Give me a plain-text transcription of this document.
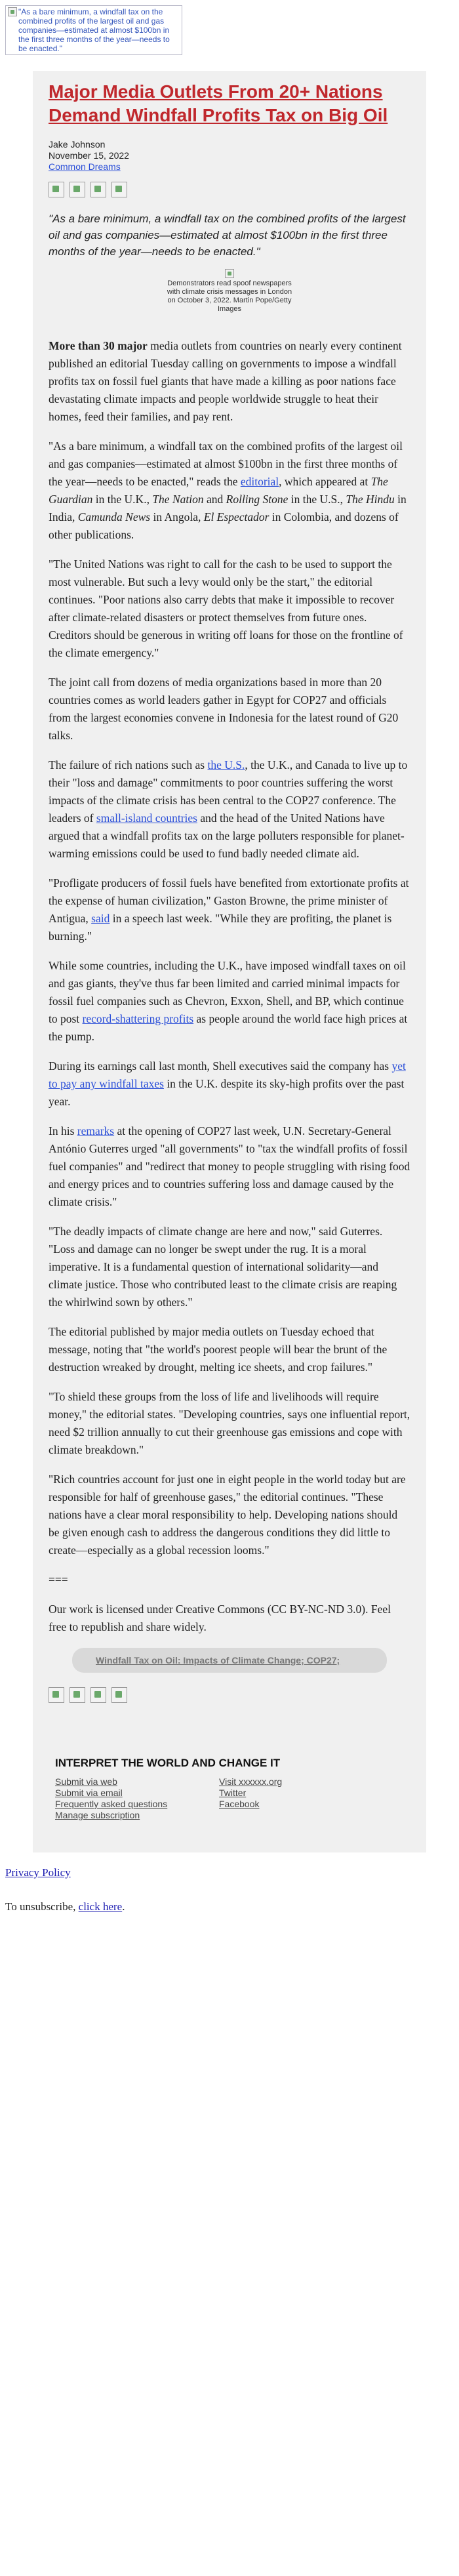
"As a bare minimum, a windfall tax on the combined profits of the largest oil and gas companies—estimated at almost $100bn in the first three months of the year—needs to be enacted."
Major Media Outlets From 20+ Nations Demand Windfall Profits Tax on Big Oil
Jake Johnson
November 15, 2022
Common Dreams
"As a bare minimum, a windfall tax on the combined profits of the largest oil and gas companies—estimated at almost $100bn in the first three months of the year—needs to be enacted."
Demonstrators read spoof newspapers with climate crisis messages in London on October 3, 2022. Martin Pope/Getty Images

More than 30 major media outlets from countries on nearly every continent published an editorial Tuesday calling on governments to impose a windfall profits tax on fossil fuel giants that have made a killing as poor nations face devastating climate impacts and people worldwide struggle to heat their homes, feed their families, and pay rent.

"As a bare minimum, a windfall tax on the combined profits of the largest oil and gas companies—estimated at almost $100bn in the first three months of the year—needs to be enacted," reads the editorial, which appeared at The Guardian in the U.K., The Nation and Rolling Stone in the U.S., The Hindu in India, Camunda News in Angola, El Espectador in Colombia, and dozens of other publications.

"The United Nations was right to call for the cash to be used to support the most vulnerable. But such a levy would only be the start," the editorial continues. "Poor nations also carry debts that make it impossible to recover after climate-related disasters or protect themselves from future ones. Creditors should be generous in writing off loans for those on the frontline of the climate emergency."

The joint call from dozens of media organizations based in more than 20 countries comes as world leaders gather in Egypt for COP27 and officials from the largest economies convene in Indonesia for the latest round of G20 talks.

The failure of rich nations such as the U.S., the U.K., and Canada to live up to their "loss and damage" commitments to poor countries suffering the worst impacts of the climate crisis has been central to the COP27 conference. The leaders of small-island countries and the head of the United Nations have argued that a windfall profits tax on the large polluters responsible for planet-warming emissions could be used to fund badly needed climate aid.

"Profligate producers of fossil fuels have benefited from extortionate profits at the expense of human civilization," Gaston Browne, the prime minister of Antigua, said in a speech last week. "While they are profiting, the planet is burning."

While some countries, including the U.K., have imposed windfall taxes on oil and gas giants, they've thus far been limited and carried minimal impacts for fossil fuel companies such as Chevron, Exxon, Shell, and BP, which continue to post record-shattering profits as people around the world face high prices at the pump.

During its earnings call last month, Shell executives said the company has yet to pay any windfall taxes in the U.K. despite its sky-high profits over the past year.

In his remarks at the opening of COP27 last week, U.N. Secretary-General António Guterres urged "all governments" to "tax the windfall profits of fossil fuel companies" and "redirect that money to people struggling with rising food and energy prices and to countries suffering loss and damage caused by the climate crisis."

"The deadly impacts of climate change are here and now," said Guterres. "Loss and damage can no longer be swept under the rug. It is a moral imperative. It is a fundamental question of international solidarity—and climate justice. Those who contributed least to the climate crisis are reaping the whirlwind sown by others."

The editorial published by major media outlets on Tuesday echoed that message, noting that "the world's poorest people will bear the brunt of the destruction wreaked by drought, melting ice sheets, and crop failures."

"To shield these groups from the loss of life and livelihoods will require money," the editorial states. "Developing countries, says one influential report, need $2 trillion annually to cut their greenhouse gas emissions and cope with climate breakdown."

"Rich countries account for just one in eight people in the world today but are responsible for half of greenhouse gases," the editorial continues. "These nations have a clear moral responsibility to help. Developing nations should be given enough cash to address the dangerous conditions they did little to create—especially as a global recession looms."

===

Our work is licensed under Creative Commons (CC BY-NC-ND 3.0). Feel free to republish and share widely.

Windfall Tax on Oil: Impacts of Climate Change; COP27;
INTERPRET THE WORLD AND CHANGE IT
Submit via web
Submit via email
Frequently asked questions
Manage subscription
Visit xxxxxx.org
Twitter
Facebook

Privacy Policy

To unsubscribe, click here.
